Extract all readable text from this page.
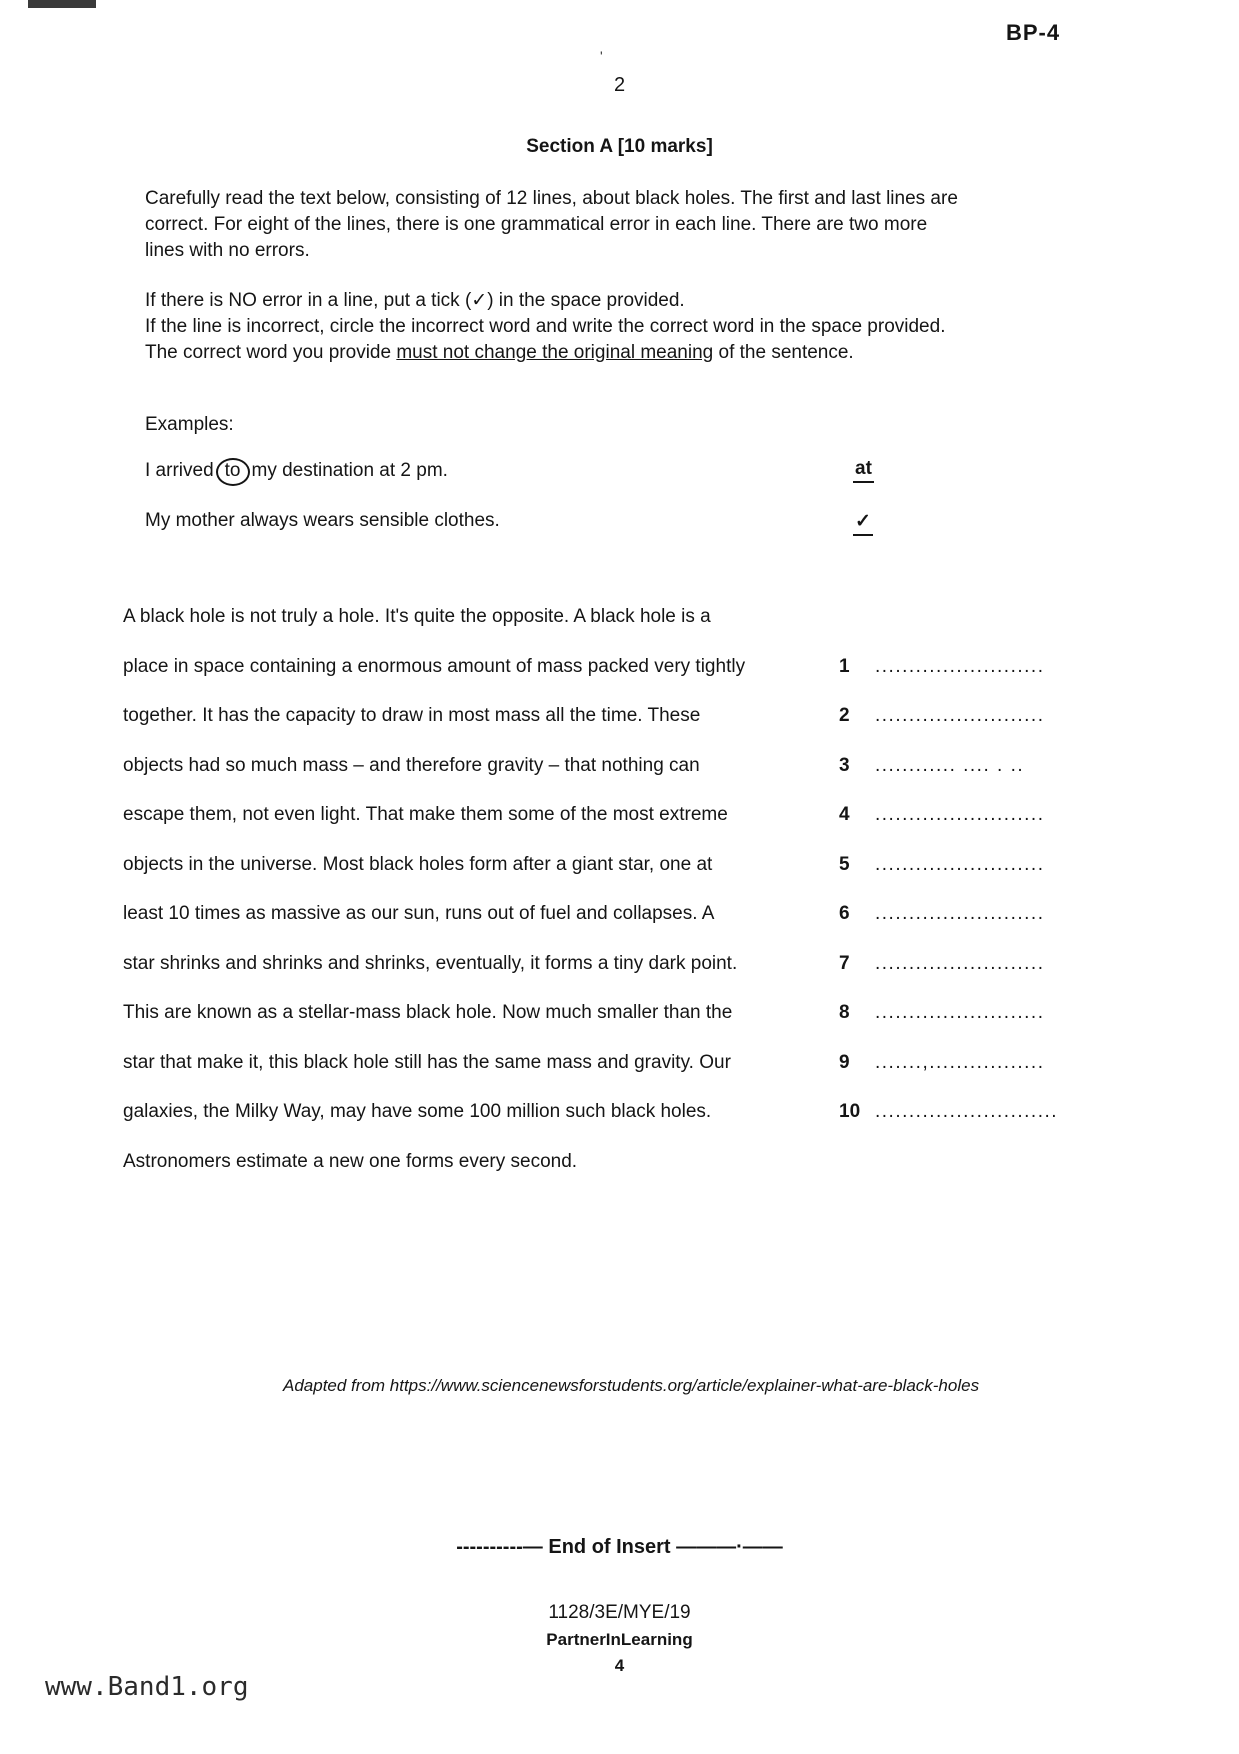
BP-4
'
2
Section A [10 marks]
Carefully read the text below, consisting of 12 lines, about black holes. The first and last lines are correct. For eight of the lines, there is one grammatical error in each line. There are two more lines with no errors.
If there is NO error in a line, put a tick (✓) in the space provided.
If the line is incorrect, circle the incorrect word and write the correct word in the space provided. The correct word you provide must not change the original meaning of the sentence.
Examples:
I arrived to my destination at 2 pm.	at
My mother always wears sensible clothes.	✓
A black hole is not truly a hole. It's quite the opposite. A black hole is a
place in space containing a enormous amount of mass packed very tightly	1 .........................
together. It has the capacity to draw in most mass all the time. These	2 .........................
objects had so much mass – and therefore gravity – that nothing can	3 ............ .... . ..
escape them, not even light. That make them some of the most extreme	4 .........................
objects in the universe. Most black holes form after a giant star, one at	5 .........................
least 10 times as massive as our sun, runs out of fuel and collapses. A	6 .........................
star shrinks and shrinks and shrinks, eventually, it forms a tiny dark point.	7 .........................
This are known as a stellar-mass black hole. Now much smaller than the	8 .........................
star that make it, this black hole still has the same mass and gravity. Our	9 .......,.................
galaxies, the Milky Way, may have some 100 million such black holes.	10 ...........................
Astronomers estimate a new one forms every second.
Adapted from https://www.sciencenewsforstudents.org/article/explainer-what-are-black-holes
----------— End of Insert ———·——
1128/3E/MYE/19
PartnerInLearning
4
www.Band1.org
